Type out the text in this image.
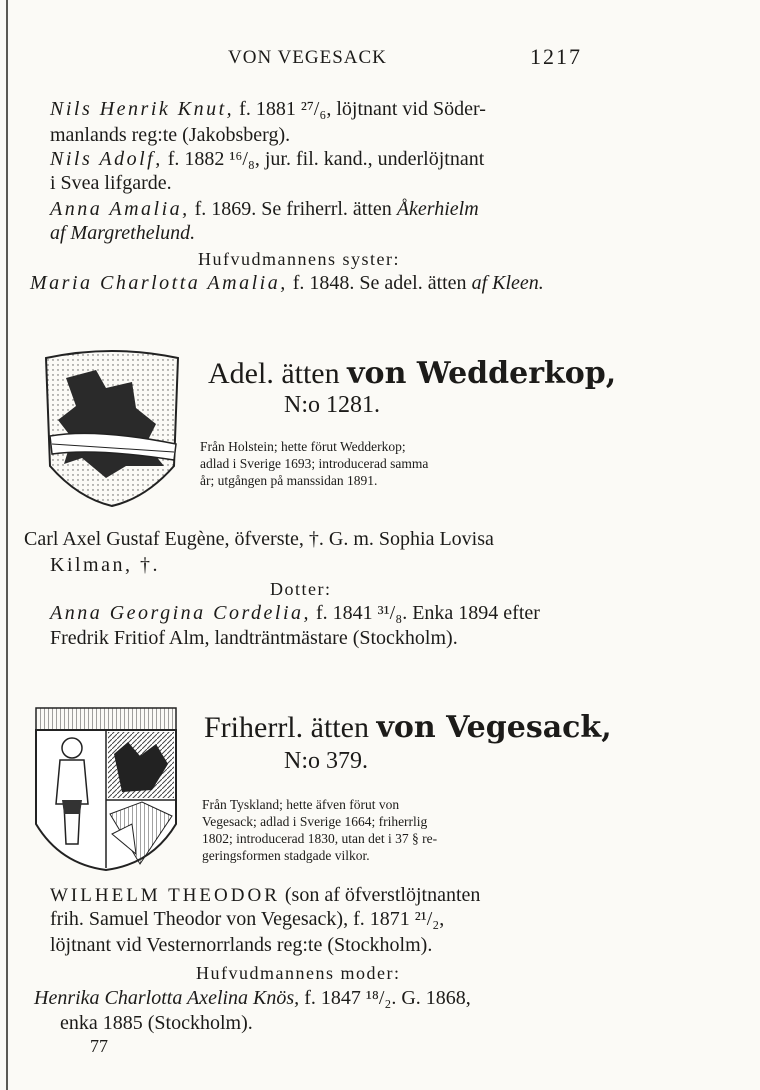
VON VEGESACK	1217
Nils Henrik Knut, f. 1881 ²⁷/₆, löjtnant vid Söder-
manlands reg:te (Jakobsberg).
Nils Adolf, f. 1882 ¹⁶/₈, jur. fil. kand., underlöjtnant
i Svea lifgarde.
Anna Amalia, f. 1869. Se friherrl. ätten Åkerhielm
af Margrethelund.
Hufvudmannens syster:
Maria Charlotta Amalia, f. 1848. Se adel. ätten af Kleen.
Adel. ätten von Wedderkop,
N:o 1281.
Från Holstein; hette förut Wedderkop;
adlad i Sverige 1693; introducerad samma
år; utgången på manssidan 1891.
Carl Axel Gustaf Eugène, öfverste, †. G. m. Sophia Lovisa
Kilman, †.
Dotter:
Anna Georgina Cordelia, f. 1841 ³¹/₈. Enka 1894 efter
Fredrik Fritiof Alm, landträntmästare (Stockholm).
Friherrl. ätten von Vegesack,
N:o 379.
Från Tyskland; hette äfven förut von
Vegesack; adlad i Sverige 1664; friherrlig
1802; introducerad 1830, utan det i 37 § re-
geringsformen stadgade vilkor.
WILHELM THEODOR (son af öfverstlöjtnanten
frih. Samuel Theodor von Vegesack), f. 1871 ²¹/₂,
löjtnant vid Vesternorrlands reg:te (Stockholm).
Hufvudmannens moder:
Henrika Charlotta Axelina Knös, f. 1847 ¹⁸/₂. G. 1868,
enka 1885 (Stockholm).
77
